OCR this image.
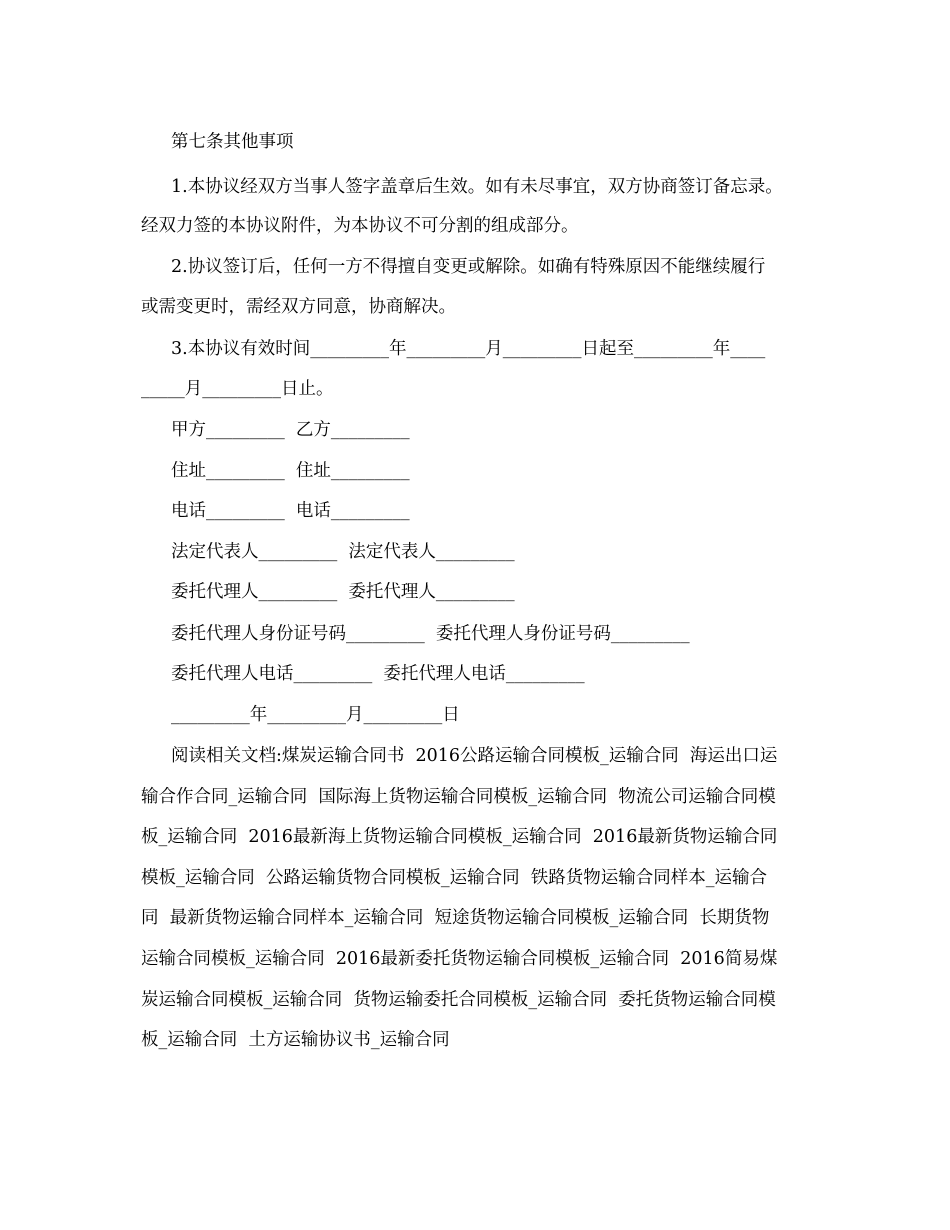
第七条其他事项
1.本协议经双方当事人签字盖章后生效。如有未尽事宜，双方协商签订备忘录。
经双力签的本协议附件，为本协议不可分割的组成部分。
2.协议签订后，任何一方不得擅自变更或解除。如确有特殊原因不能继续履行
或需变更时，需经双方同意，协商解决。
3.本协议有效时间_________年_________月_________日起至_________年____
_____月_________日止。
甲方_________  乙方_________
住址_________  住址_________
电话_________  电话_________
法定代表人_________  法定代表人_________
委托代理人_________  委托代理人_________
委托代理人身份证号码_________  委托代理人身份证号码_________
委托代理人电话_________  委托代理人电话_________
_________年_________月_________日
阅读相关文档:煤炭运输合同书  2016公路运输合同模板_运输合同  海运出口运
输合作合同_运输合同  国际海上货物运输合同模板_运输合同  物流公司运输合同模
板_运输合同  2016最新海上货物运输合同模板_运输合同  2016最新货物运输合同
模板_运输合同  公路运输货物合同模板_运输合同  铁路货物运输合同样本_运输合
同  最新货物运输合同样本_运输合同  短途货物运输合同模板_运输合同  长期货物
运输合同模板_运输合同  2016最新委托货物运输合同模板_运输合同  2016简易煤
炭运输合同模板_运输合同  货物运输委托合同模板_运输合同  委托货物运输合同模
板_运输合同  土方运输协议书_运输合同
